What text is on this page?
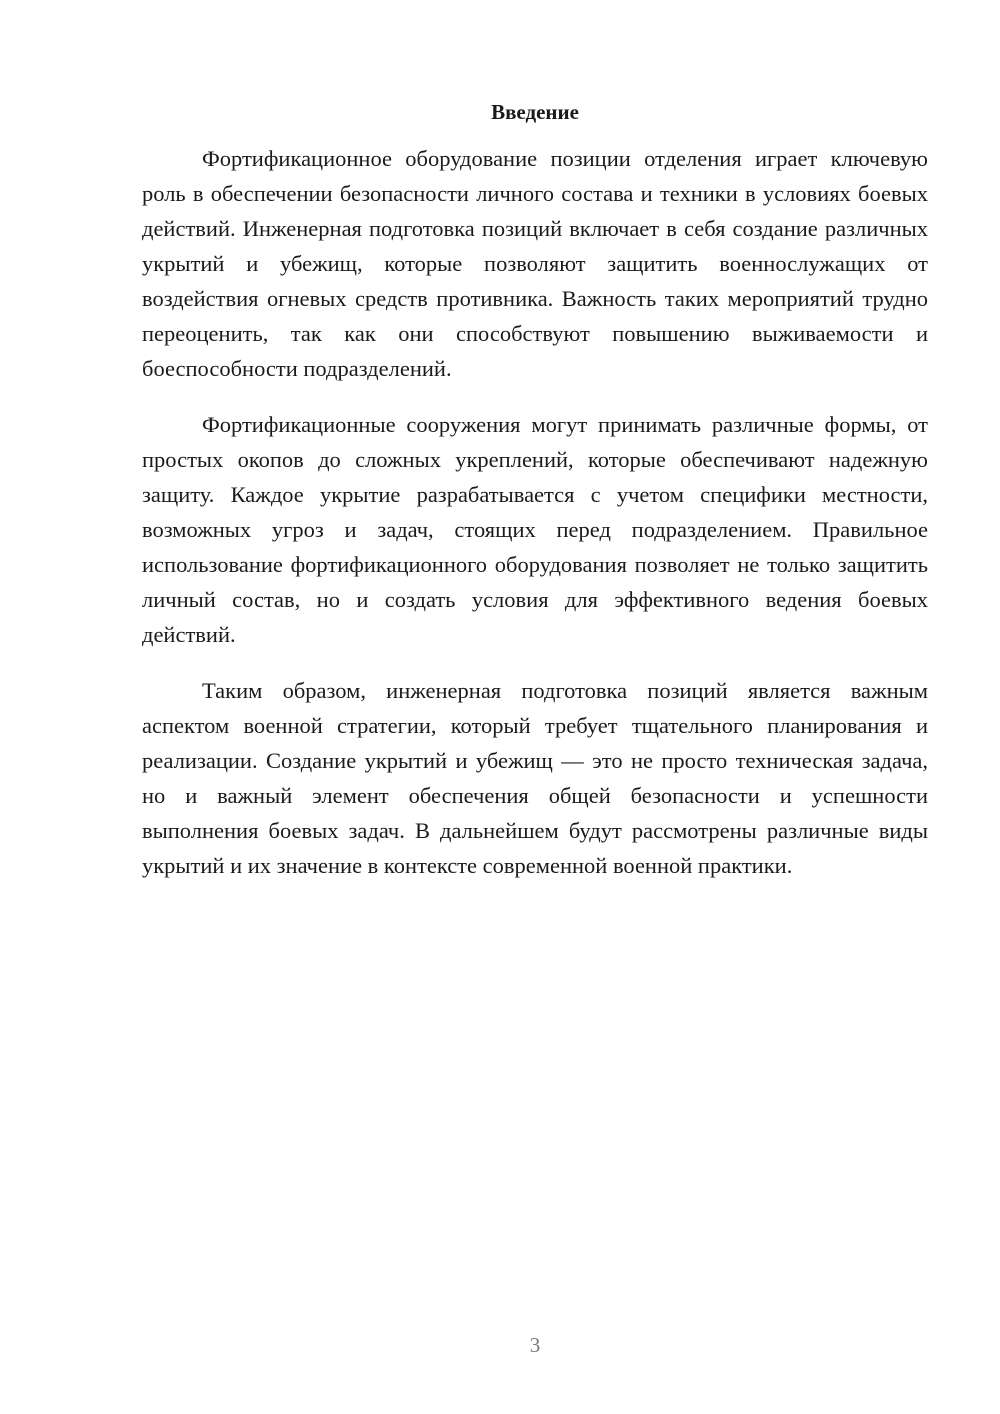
Введение

Фортификационное оборудование позиции отделения играет ключевую роль в обеспечении безопасности личного состава и техники в условиях боевых действий. Инженерная подготовка позиций включает в себя создание различных укрытий и убежищ, которые позволяют защитить военнослужащих от воздействия огневых средств противника. Важность таких мероприятий трудно переоценить, так как они способствуют повышению выживаемости и боеспособности подразделений.

Фортификационные сооружения могут принимать различные формы, от простых окопов до сложных укреплений, которые обеспечивают надежную защиту. Каждое укрытие разрабатывается с учетом специфики местности, возможных угроз и задач, стоящих перед подразделением. Правильное использование фортификационного оборудования позволяет не только защитить личный состав, но и создать условия для эффективного ведения боевых действий.

Таким образом, инженерная подготовка позиций является важным аспектом военной стратегии, который требует тщательного планирования и реализации. Создание укрытий и убежищ — это не просто техническая задача, но и важный элемент обеспечения общей безопасности и успешности выполнения боевых задач. В дальнейшем будут рассмотрены различные виды укрытий и их значение в контексте современной военной практики.

3
